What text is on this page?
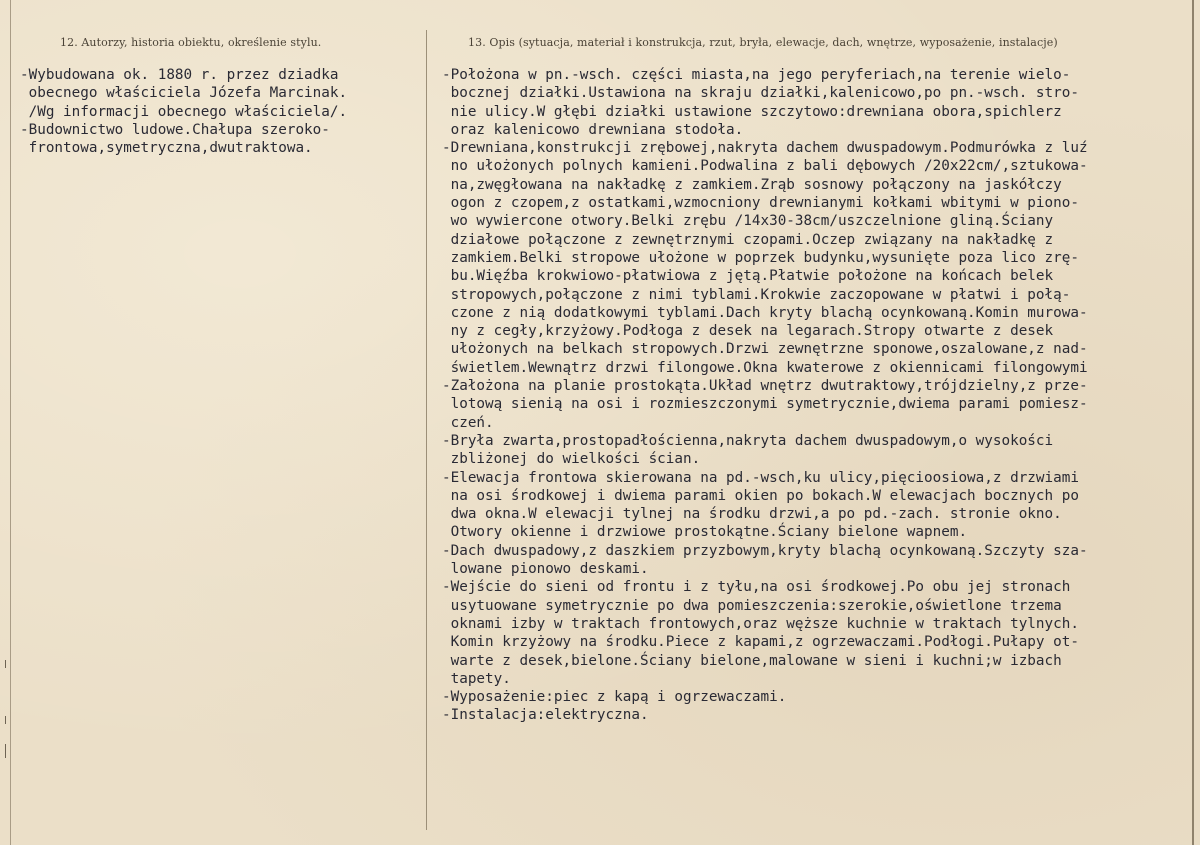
12. Autorzy, historia obiektu, określenie stylu.	13. Opis (sytuacja, materiał i konstrukcja, rzut, bryła, elewacje, dach, wnętrze, wyposażenie, instalacje)
-Wybudowana ok. 1880 r. przez dziadka
obecnego właściciela Józefa Marcinak.
/Wg informacji obecnego właściciela/.
-Budownictwo ludowe.Chałupa szeroko-
frontowa,symetryczna,dwutraktowa.
-Położona w pn.-wsch. części miasta,na jego peryferiach,na terenie wielo-
bocznej działki.Ustawiona na skraju działki,kalenicowo,po pn.-wsch. stro-
nie ulicy.W głębi działki ustawione szczytowo:drewniana obora,spichlerz
oraz kalenicowo drewniana stodoła.
-Drewniana,konstrukcji zrębowej,nakryta dachem dwuspadowym.Podmurówka z luź
no ułożonych polnych kamieni.Podwalina z bali dębowych /20x22cm/,sztukowa-
na,zwęgłowana na nakładkę z zamkiem.Zrąb sosnowy połączony na jaskółczy
ogon z czopem,z ostatkami,wzmocniony drewnianymi kołkami wbitymi w piono-
wo wywiercone otwory.Belki zrębu /14x30-38cm/uszczelnione gliną.Ściany
działowe połączone z zewnętrznymi czopami.Oczep związany na nakładkę z
zamkiem.Belki stropowe ułożone w poprzek budynku,wysunięte poza lico zrę-
bu.Więźba krokwiowo-płatwiowa z jętą.Płatwie położone na końcach belek
stropowych,połączone z nimi tyblami.Krokwie zaczopowane w płatwi i połą-
czone z nią dodatkowymi tyblami.Dach kryty blachą ocynkowaną.Komin murowa-
ny z cegły,krzyżowy.Podłoga z desek na legarach.Stropy otwarte z desek
ułożonych na belkach stropowych.Drzwi zewnętrzne sponowe,oszalowane,z nad-
świetlem.Wewnątrz drzwi filongowe.Okna kwaterowe z okiennicami filongowymi
-Założona na planie prostokąta.Układ wnętrz dwutraktowy,trójdzielny,z prze-
lotową sienią na osi i rozmieszczonymi symetrycznie,dwiema parami pomiesz-
czeń.
-Bryła zwarta,prostopadłościenna,nakryta dachem dwuspadowym,o wysokości
zbliżonej do wielkości ścian.
-Elewacja frontowa skierowana na pd.-wsch,ku ulicy,pięcioosiowa,z drzwiami
na osi środkowej i dwiema parami okien po bokach.W elewacjach bocznych po
dwa okna.W elewacji tylnej na środku drzwi,a po pd.-zach. stronie okno.
Otwory okienne i drzwiowe prostokątne.Ściany bielone wapnem.
-Dach dwuspadowy,z daszkiem przyzbowym,kryty blachą ocynkowaną.Szczyty sza-
lowane pionowo deskami.
-Wejście do sieni od frontu i z tyłu,na osi środkowej.Po obu jej stronach
usytuowane symetrycznie po dwa pomieszczenia:szerokie,oświetlone trzema
oknami izby w traktach frontowych,oraz węższe kuchnie w traktach tylnych.
Komin krzyżowy na środku.Piece z kapami,z ogrzewaczami.Podłogi.Pułapy ot-
warte z desek,bielone.Ściany bielone,malowane w sieni i kuchni;w izbach
tapety.
-Wyposażenie:piec z kapą i ogrzewaczami.
-Instalacja:elektryczna.
